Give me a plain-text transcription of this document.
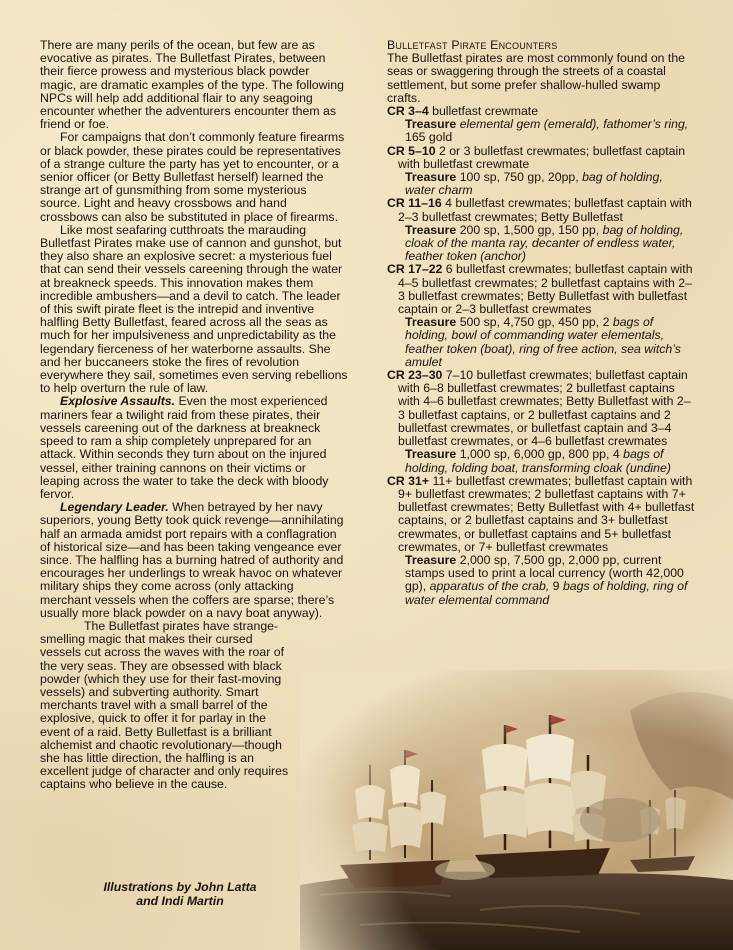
There are many perils of the ocean, but few are as evocative as pirates. The Bulletfast Pirates, between their fierce prowess and mysterious black powder magic, are dramatic examples of the type. The following NPCs will help add additional flair to any seagoing encounter whether the adventurers encounter them as friend or foe.

For campaigns that don’t commonly feature firearms or black powder, these pirates could be representatives of a strange culture the party has yet to encounter, or a senior officer (or Betty Bulletfast herself) learned the strange art of gunsmithing from some mysterious source. Light and heavy crossbows and hand crossbows can also be substituted in place of firearms.

Like most seafaring cutthroats the marauding Bulletfast Pirates make use of cannon and gunshot, but they also share an explosive secret: a mysterious fuel that can send their vessels careening through the water at breakneck speeds. This innovation makes them incredible ambushers—and a devil to catch. The leader of this swift pirate fleet is the intrepid and inventive halfling Betty Bulletfast, feared across all the seas as much for her impulsiveness and unpredictability as the legendary fierceness of her waterborne assaults. She and her buccaneers stoke the fires of revolution everywhere they sail, sometimes even serving rebellions to help overturn the rule of law.

Explosive Assaults. Even the most experienced mariners fear a twilight raid from these pirates, their vessels careening out of the darkness at breakneck speed to ram a ship completely unprepared for an attack. Within seconds they turn about on the injured vessel, either training cannons on their victims or leaping across the water to take the deck with bloody fervor.

Legendary Leader. When betrayed by her navy superiors, young Betty took quick revenge—annihilating half an armada amidst port repairs with a conflagration of historical size—and has been taking vengeance ever since. The halfling has a burning hatred of authority and encourages her underlings to wreak havoc on whatever military ships they come across (only attacking merchant vessels when the coffers are sparse; there’s usually more black powder on a navy boat anyway).

The Bulletfast pirates have strange-smelling magic that makes their cursed vessels cut across the waves with the roar of the very seas. They are obsessed with black powder (which they use for their fast-moving vessels) and subverting authority. Smart merchants travel with a small barrel of the explosive, quick to offer it for parlay in the event of a raid. Betty Bulletfast is a brilliant alchemist and chaotic revolutionary—though she has little direction, the halfling is an excellent judge of character and only requires captains who believe in the cause.

Illustrations by John Latta
and Indi Martin
Bulletfast Pirate Encounters

The Bulletfast pirates are most commonly found on the seas or swaggering through the streets of a coastal settlement, but some prefer shallow-hulled swamp crafts.

CR 3–4 bulletfast crewmate

Treasure elemental gem (emerald), fathomer’s ring, 165 gold

CR 5–10 2 or 3 bulletfast crewmates; bulletfast captain with bulletfast crewmate

Treasure 100 sp, 750 gp, 20pp, bag of holding, water charm

CR 11–16 4 bulletfast crewmates; bulletfast captain with 2–3 bulletfast crewmates; Betty Bulletfast

Treasure 200 sp, 1,500 gp, 150 pp, bag of holding, cloak of the manta ray, decanter of endless water, feather token (anchor)

CR 17–22 6 bulletfast crewmates; bulletfast captain with 4–5 bulletfast crewmates; 2 bulletfast captains with 2–3 bulletfast crewmates; Betty Bulletfast with bulletfast captain or 2–3 bulletfast crewmates

Treasure 500 sp, 4,750 gp, 450 pp, 2 bags of holding, bowl of commanding water elementals, feather token (boat), ring of free action, sea witch’s amulet

CR 23–30 7–10 bulletfast crewmates; bulletfast captain with 6–8 bulletfast crewmates; 2 bulletfast captains with 4–6 bulletfast crewmates; Betty Bulletfast with 2–3 bulletfast captains, or 2 bulletfast captains and 2 bulletfast crewmates, or bulletfast captain and 3–4 bulletfast crewmates, or 4–6 bulletfast crewmates

Treasure 1,000 sp, 6,000 gp, 800 pp, 4 bags of holding, folding boat, transforming cloak (undine)

CR 31+ 11+ bulletfast crewmates; bulletfast captain with 9+ bulletfast crewmates; 2 bulletfast captains with 7+ bulletfast crewmates; Betty Bulletfast with 4+ bulletfast captains, or 2 bulletfast captains and 3+ bulletfast crewmates, or bulletfast captains and 5+ bulletfast crewmates, or 7+ bulletfast crewmates

Treasure 2,000 sp, 7,500 gp, 2,000 pp, current stamps used to print a local currency (worth 42,000 gp), apparatus of the crab, 9 bags of holding, ring of water elemental command
